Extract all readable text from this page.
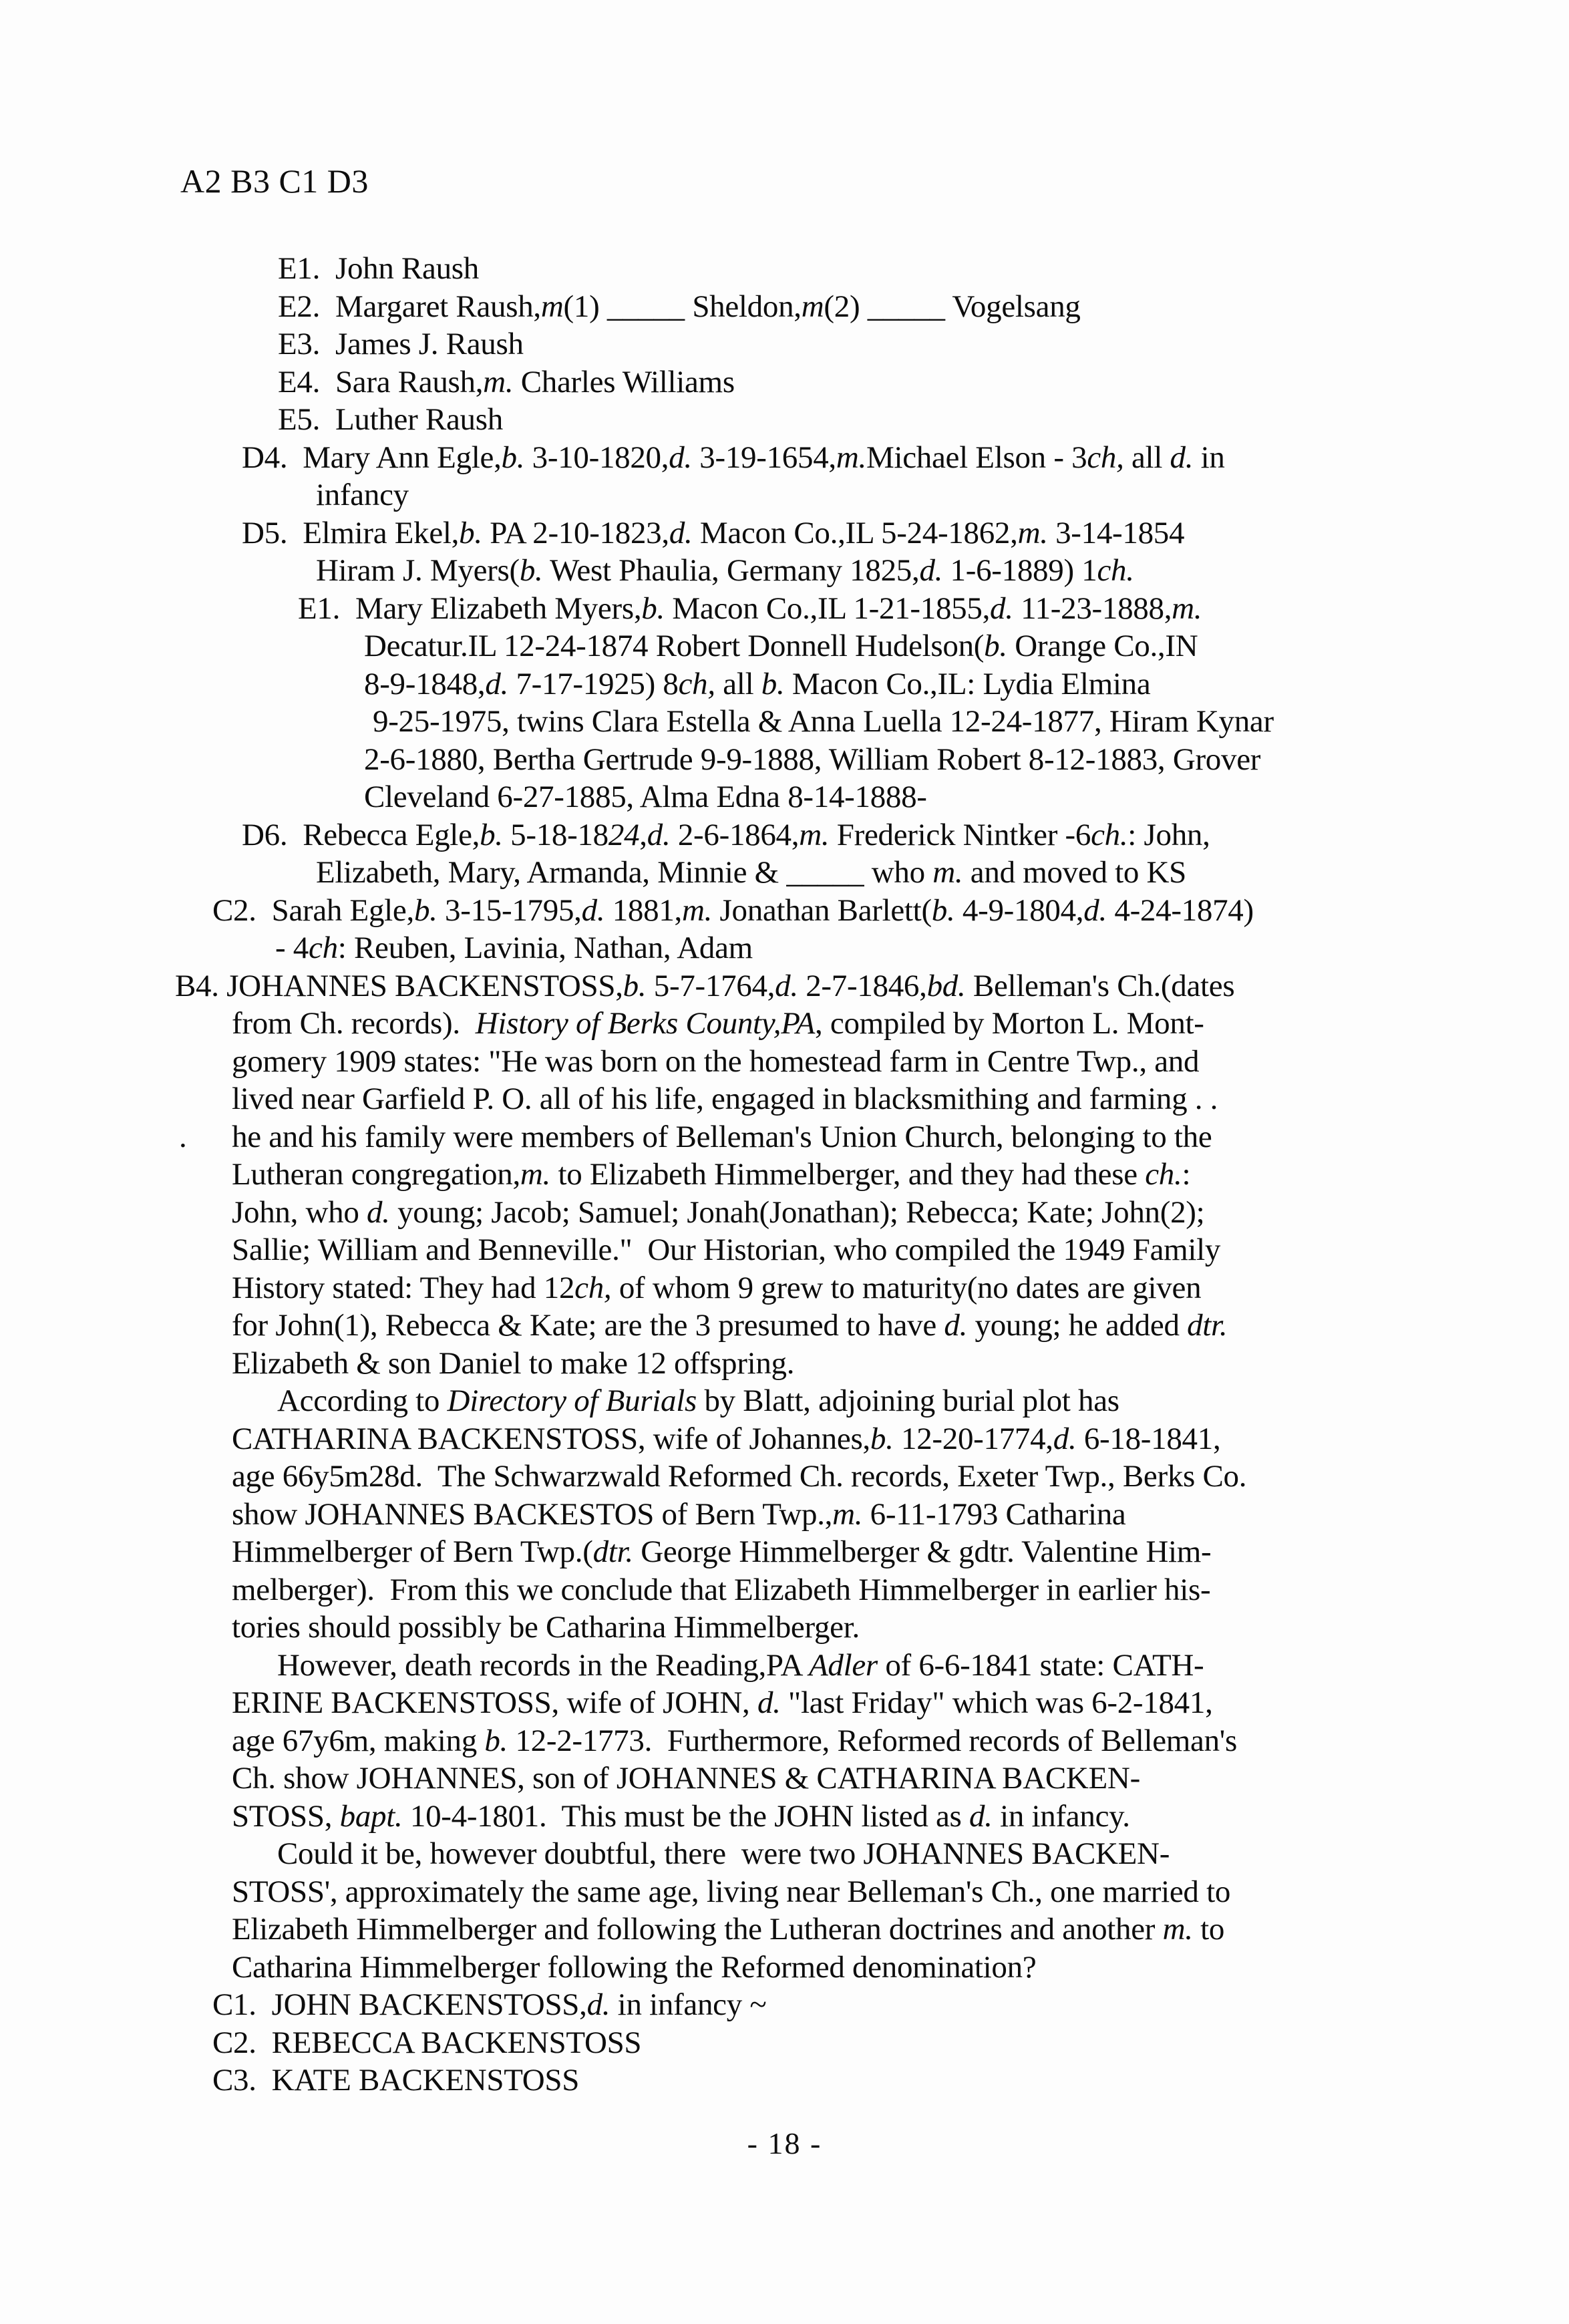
A2 B3 C1 D3
E1.  John Raush
E2.  Margaret Raush,m(1) _____ Sheldon,m(2) _____ Vogelsang
E3.  James J. Raush
E4.  Sara Raush,m. Charles Williams
E5.  Luther Raush
D4.  Mary Ann Egle,b. 3-10-1820,d. 3-19-1654,m.Michael Elson - 3ch, all d. in
infancy
D5.  Elmira Ekel,b. PA 2-10-1823,d. Macon Co.,IL 5-24-1862,m. 3-14-1854
Hiram J. Myers(b. West Phaulia, Germany 1825,d. 1-6-1889) 1ch.
E1.  Mary Elizabeth Myers,b. Macon Co.,IL 1-21-1855,d. 11-23-1888,m.
Decatur.IL 12-24-1874 Robert Donnell Hudelson(b. Orange Co.,IN
8-9-1848,d. 7-17-1925) 8ch, all b. Macon Co.,IL: Lydia Elmina
9-25-1975, twins Clara Estella & Anna Luella 12-24-1877, Hiram Kynar
2-6-1880, Bertha Gertrude 9-9-1888, William Robert 8-12-1883, Grover
Cleveland 6-27-1885, Alma Edna 8-14-1888-
D6.  Rebecca Egle,b. 5-18-1824,d. 2-6-1864,m. Frederick Nintker -6ch.: John,
Elizabeth, Mary, Armanda, Minnie & _____ who m. and moved to KS
C2.  Sarah Egle,b. 3-15-1795,d. 1881,m. Jonathan Barlett(b. 4-9-1804,d. 4-24-1874)
- 4ch: Reuben, Lavinia, Nathan, Adam
B4. JOHANNES BACKENSTOSS,b. 5-7-1764,d. 2-7-1846,bd. Belleman's Ch.(dates
from Ch. records).  History of Berks County,PA, compiled by Morton L. Mont-
gomery 1909 states: "He was born on the homestead farm in Centre Twp., and
lived near Garfield P. O. all of his life, engaged in blacksmithing and farming . .
. he and his family were members of Belleman's Union Church, belonging to the
Lutheran congregation,m. to Elizabeth Himmelberger, and they had these ch.:
John, who d. young; Jacob; Samuel; Jonah(Jonathan); Rebecca; Kate; John(2);
Sallie; William and Benneville."  Our Historian, who compiled the 1949 Family
History stated: They had 12ch, of whom 9 grew to maturity(no dates are given
for John(1), Rebecca & Kate; are the 3 presumed to have d. young; he added dtr.
Elizabeth & son Daniel to make 12 offspring.
According to Directory of Burials by Blatt, adjoining burial plot has
CATHARINA BACKENSTOSS, wife of Johannes,b. 12-20-1774,d. 6-18-1841,
age 66y5m28d.  The Schwarzwald Reformed Ch. records, Exeter Twp., Berks Co.
show JOHANNES BACKESTOS of Bern Twp.,m. 6-11-1793 Catharina
Himmelberger of Bern Twp.(dtr. George Himmelberger & gdtr. Valentine Him-
melberger).  From this we conclude that Elizabeth Himmelberger in earlier his-
tories should possibly be Catharina Himmelberger.
However, death records in the Reading,PA Adler of 6-6-1841 state: CATH-
ERINE BACKENSTOSS, wife of JOHN, d. "last Friday" which was 6-2-1841,
age 67y6m, making b. 12-2-1773.  Furthermore, Reformed records of Belleman's
Ch. show JOHANNES, son of JOHANNES & CATHARINA BACKEN-
STOSS, bapt. 10-4-1801.  This must be the JOHN listed as d. in infancy.
Could it be, however doubtful, there  were two JOHANNES BACKEN-
STOSS', approximately the same age, living near Belleman's Ch., one married to
Elizabeth Himmelberger and following the Lutheran doctrines and another m. to
Catharina Himmelberger following the Reformed denomination?
C1.  JOHN BACKENSTOSS,d. in infancy ~
C2.  REBECCA BACKENSTOSS
C3.  KATE BACKENSTOSS
- 18 -
